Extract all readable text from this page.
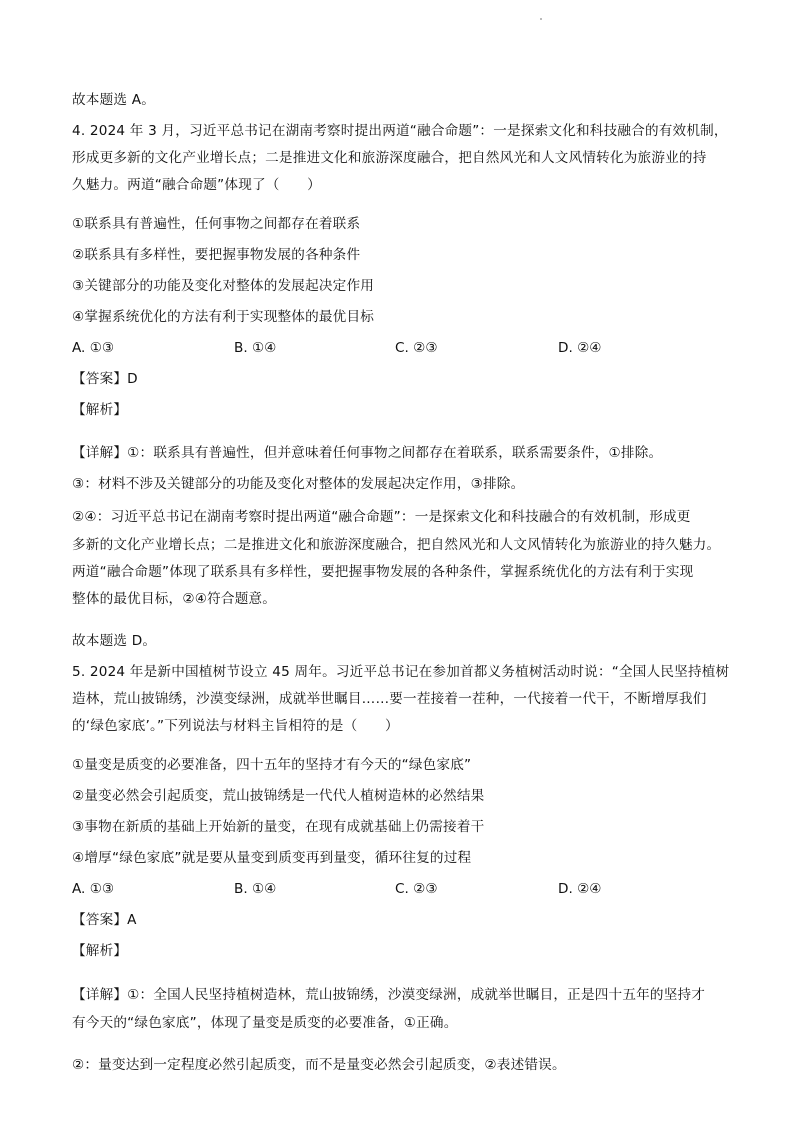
故本题选 A。
4. 2024 年 3 月，习近平总书记在湖南考察时提出两道“融合命题”：一是探索文化和科技融合的有效机制，
形成更多新的文化产业增长点；二是推进文化和旅游深度融合，把自然风光和人文风情转化为旅游业的持
久魅力。两道“融合命题”体现了（　　）
①联系具有普遍性，任何事物之间都存在着联系
②联系具有多样性，要把握事物发展的各种条件
③关键部分的功能及变化对整体的发展起决定作用
④掌握系统优化的方法有利于实现整体的最优目标
A. ①③	B. ①④	C. ②③	D. ②④
【答案】D
【解析】
【详解】①：联系具有普遍性，但并意味着任何事物之间都存在着联系，联系需要条件，①排除。
③：材料不涉及关键部分的功能及变化对整体的发展起决定作用，③排除。
②④：习近平总书记在湖南考察时提出两道“融合命题”：一是探索文化和科技融合的有效机制，形成更
多新的文化产业增长点；二是推进文化和旅游深度融合，把自然风光和人文风情转化为旅游业的持久魅力。
两道“融合命题”体现了联系具有多样性，要把握事物发展的各种条件，掌握系统优化的方法有利于实现
整体的最优目标，②④符合题意。
故本题选 D。
5. 2024 年是新中国植树节设立 45 周年。习近平总书记在参加首都义务植树活动时说：“全国人民坚持植树
造林，荒山披锦绣，沙漠变绿洲，成就举世瞩目……要一茬接着一茬种，一代接着一代干，不断增厚我们
的‘绿色家底’。”下列说法与材料主旨相符的是（　　）
①量变是质变的必要准备，四十五年的坚持才有今天的“绿色家底”
②量变必然会引起质变，荒山披锦绣是一代代人植树造林的必然结果
③事物在新质的基础上开始新的量变，在现有成就基础上仍需接着干
④增厚“绿色家底”就是要从量变到质变再到量变，循环往复的过程
A. ①③	B. ①④	C. ②③	D. ②④
【答案】A
【解析】
【详解】①：全国人民坚持植树造林，荒山披锦绣，沙漠变绿洲，成就举世瞩目，正是四十五年的坚持才
有今天的“绿色家底”，体现了量变是质变的必要准备，①正确。
②：量变达到一定程度必然引起质变，而不是量变必然会引起质变，②表述错误。
